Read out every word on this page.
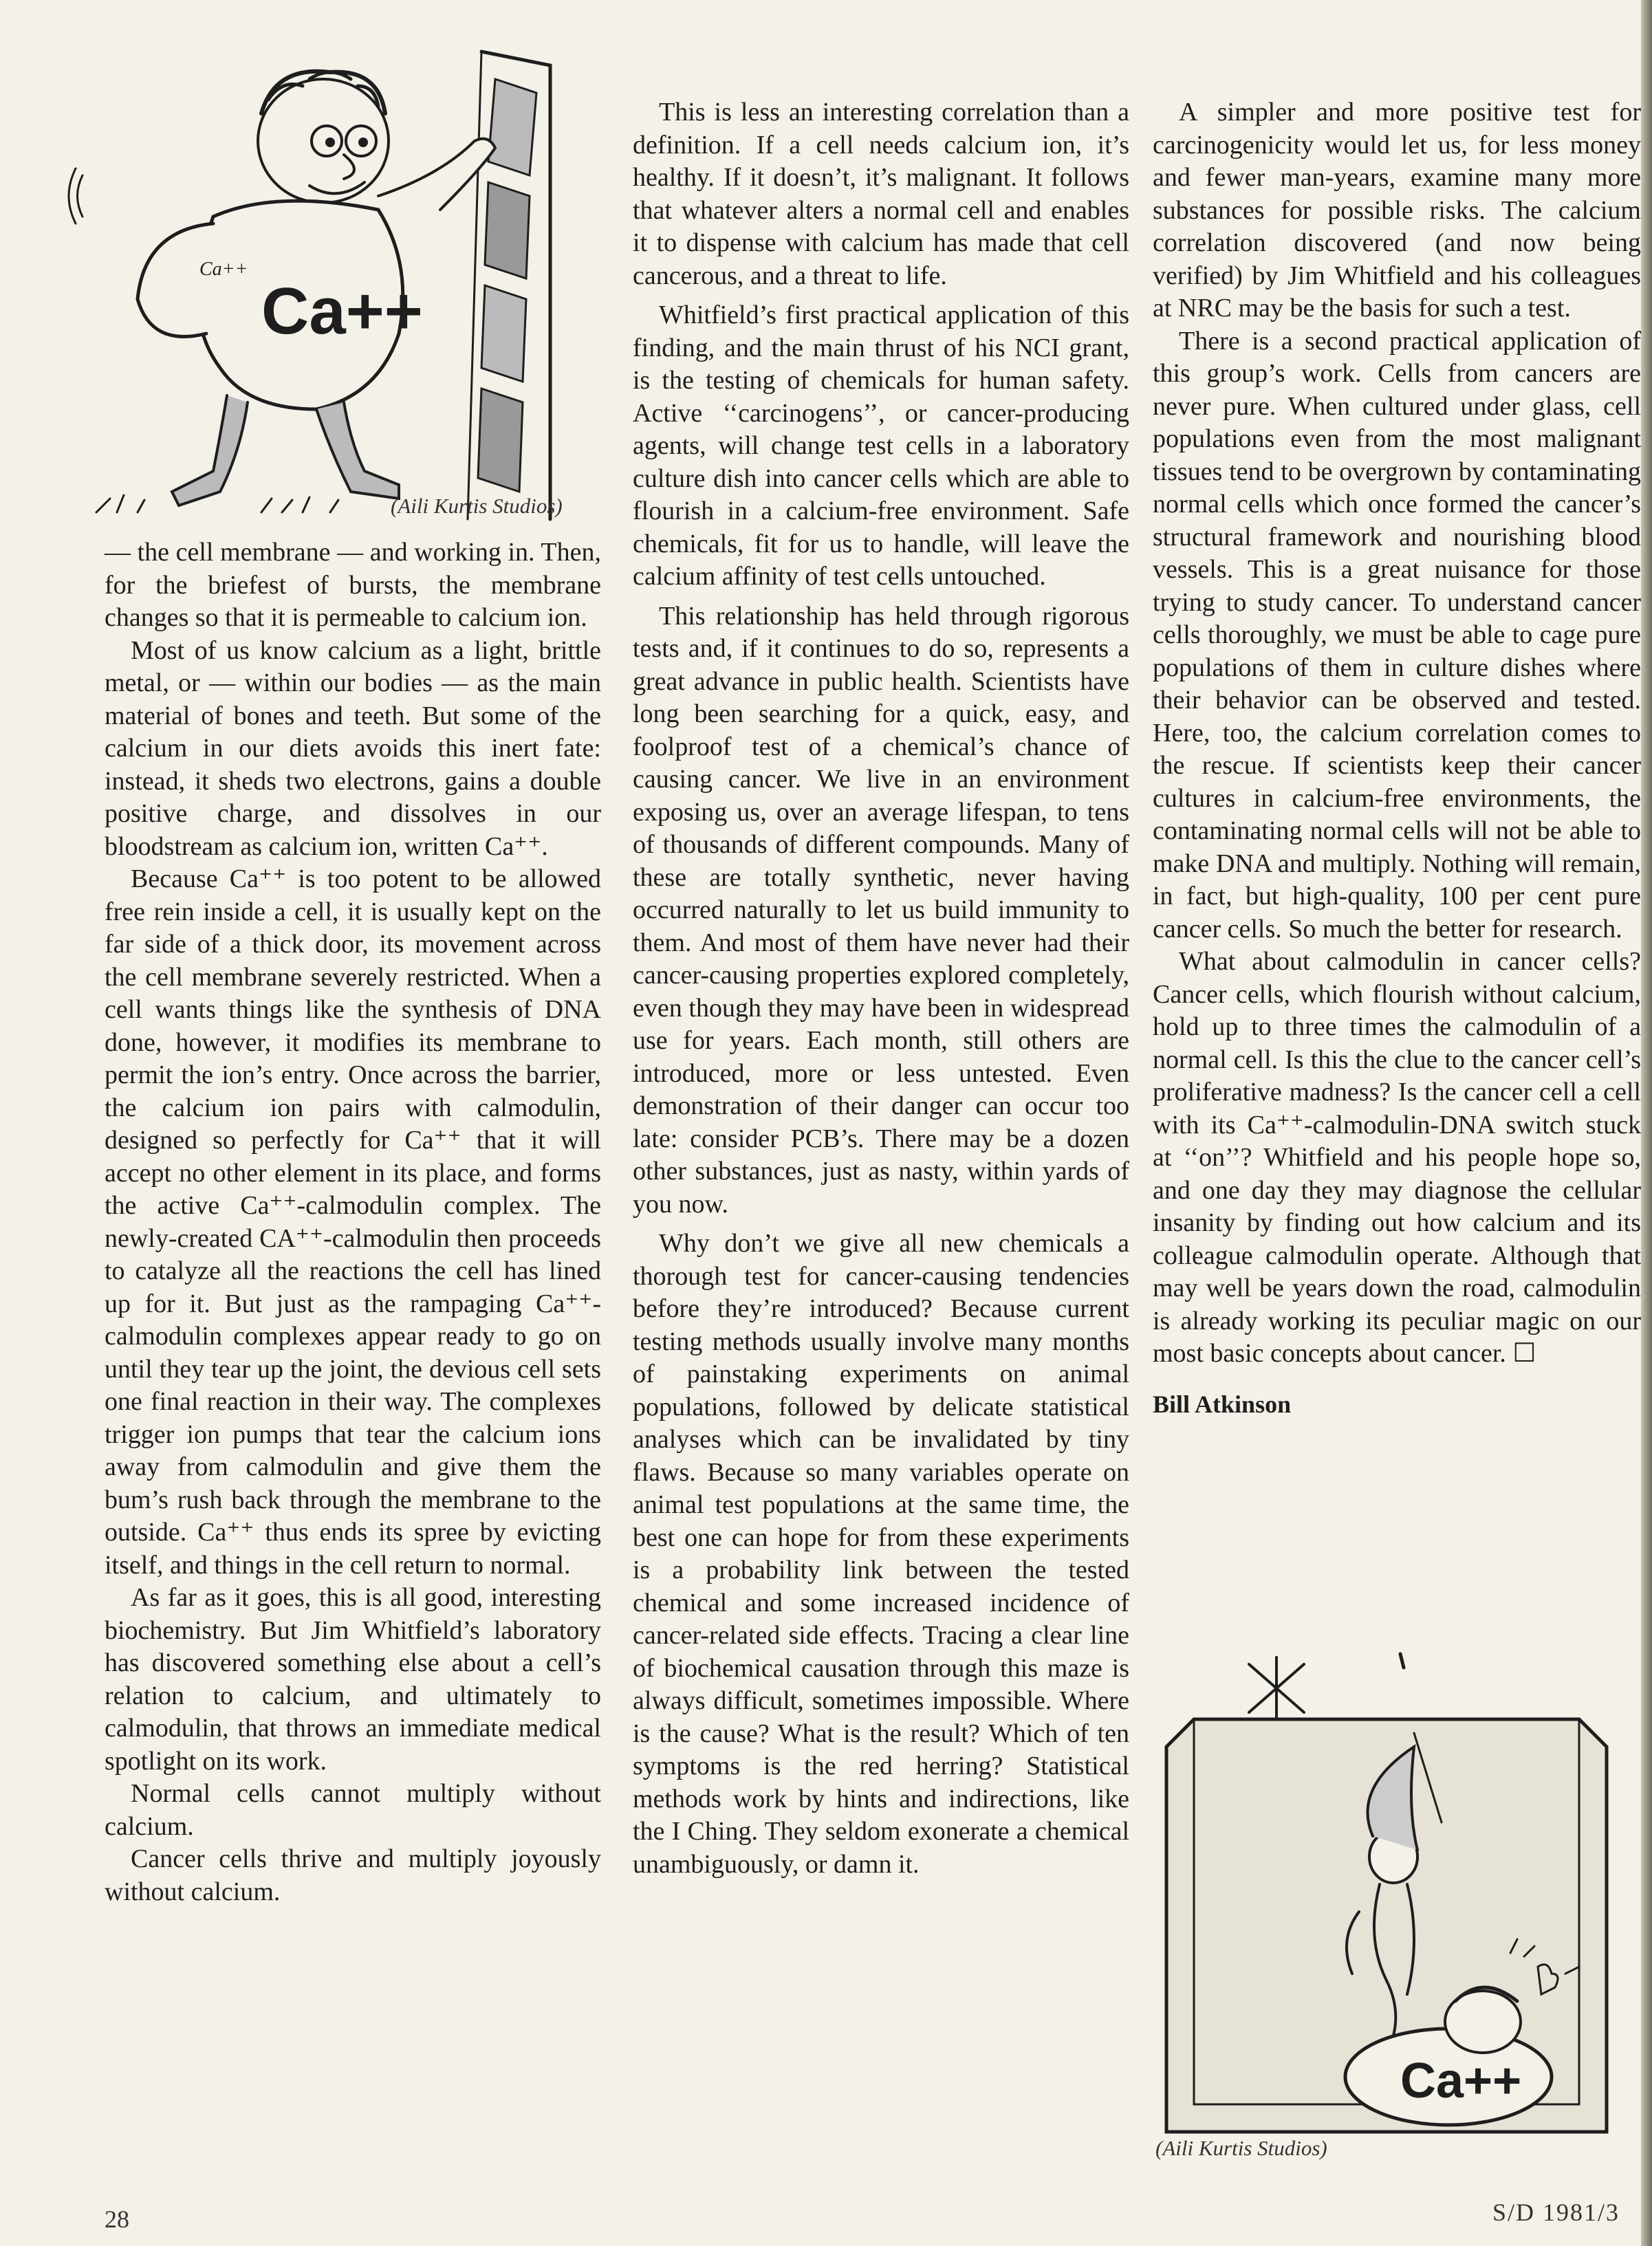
Ca++
Ca++
(Aili Kurtis Studios)

— the cell membrane — and working in. Then, for the briefest of bursts, the membrane changes so that it is permeable to calcium ion.

Most of us know calcium as a light, brittle metal, or — within our bodies — as the main material of bones and teeth. But some of the calcium in our diets avoids this inert fate: instead, it sheds two electrons, gains a double positive charge, and dissolves in our bloodstream as calcium ion, written Ca⁺⁺.

Because Ca⁺⁺ is too potent to be allowed free rein inside a cell, it is usually kept on the far side of a thick door, its movement across the cell membrane severely restricted. When a cell wants things like the synthesis of DNA done, however, it modifies its membrane to permit the ion’s entry. Once across the barrier, the calcium ion pairs with calmodulin, designed so perfectly for Ca⁺⁺ that it will accept no other element in its place, and forms the active Ca⁺⁺-calmodulin complex. The newly-created CA⁺⁺-calmodulin then proceeds to catalyze all the reactions the cell has lined up for it. But just as the rampaging Ca⁺⁺-calmodulin complexes appear ready to go on until they tear up the joint, the devious cell sets one final reaction in their way. The complexes trigger ion pumps that tear the calcium ions away from calmodulin and give them the bum’s rush back through the membrane to the outside. Ca⁺⁺ thus ends its spree by evicting itself, and things in the cell return to normal.

As far as it goes, this is all good, interesting biochemistry. But Jim Whitfield’s laboratory has discovered something else about a cell’s relation to calcium, and ultimately to calmodulin, that throws an immediate medical spotlight on its work.

Normal cells cannot multiply without calcium.

Cancer cells thrive and multiply joyously without calcium.

This is less an interesting correlation than a definition. If a cell needs calcium ion, it’s healthy. If it doesn’t, it’s malignant. It follows that whatever alters a normal cell and enables it to dispense with calcium has made that cell cancerous, and a threat to life.

Whitfield’s first practical application of this finding, and the main thrust of his NCI grant, is the testing of chemicals for human safety. Active ‘‘carcinogens’’, or cancer-producing agents, will change test cells in a laboratory culture dish into cancer cells which are able to flourish in a calcium-free environment. Safe chemicals, fit for us to handle, will leave the calcium affinity of test cells untouched.

This relationship has held through rigorous tests and, if it continues to do so, represents a great advance in public health. Scientists have long been searching for a quick, easy, and foolproof test of a chemical’s chance of causing cancer. We live in an environment exposing us, over an average lifespan, to tens of thousands of different compounds. Many of these are totally synthetic, never having occurred naturally to let us build immunity to them. And most of them have never had their cancer-causing properties explored completely, even though they may have been in widespread use for years. Each month, still others are introduced, more or less untested. Even demonstration of their danger can occur too late: consider PCB’s. There may be a dozen other substances, just as nasty, within yards of you now.

Why don’t we give all new chemicals a thorough test for cancer-causing tendencies before they’re introduced? Because current testing methods usually involve many months of painstaking experiments on animal populations, followed by delicate statistical analyses which can be invalidated by tiny flaws. Because so many variables operate on animal test populations at the same time, the best one can hope for from these experiments is a probability link between the tested chemical and some increased incidence of cancer-related side effects. Tracing a clear line of biochemical causation through this maze is always difficult, sometimes impossible. Where is the cause? What is the result? Which of ten symptoms is the red herring? Statistical methods work by hints and indirections, like the I Ching. They seldom exonerate a chemical unambiguously, or damn it.

A simpler and more positive test for carcinogenicity would let us, for less money and fewer man-years, examine many more substances for possible risks. The calcium correlation discovered (and now being verified) by Jim Whitfield and his colleagues at NRC may be the basis for such a test.

There is a second practical application of this group’s work. Cells from cancers are never pure. When cultured under glass, cell populations even from the most malignant tissues tend to be overgrown by contaminating normal cells which once formed the cancer’s structural framework and nourishing blood vessels. This is a great nuisance for those trying to study cancer. To understand cancer cells thoroughly, we must be able to cage pure populations of them in culture dishes where their behavior can be observed and tested. Here, too, the calcium correlation comes to the rescue. If scientists keep their cancer cultures in calcium-free environments, the contaminating normal cells will not be able to make DNA and multiply. Nothing will remain, in fact, but high-quality, 100 per cent pure cancer cells. So much the better for research.

What about calmodulin in cancer cells? Cancer cells, which flourish without calcium, hold up to three times the calmodulin of a normal cell. Is this the clue to the cancer cell’s proliferative madness? Is the cancer cell a cell with its Ca⁺⁺-calmodulin-DNA switch stuck at ‘‘on’’? Whitfield and his people hope so, and one day they may diagnose the cellular insanity by finding out how calcium and its colleague calmodulin operate. Although that may well be years down the road, calmodulin is already working its peculiar magic on our most basic concepts about cancer. ☐

Bill Atkinson

Ca++
(Aili Kurtis Studios)
28	S/D 1981/3
